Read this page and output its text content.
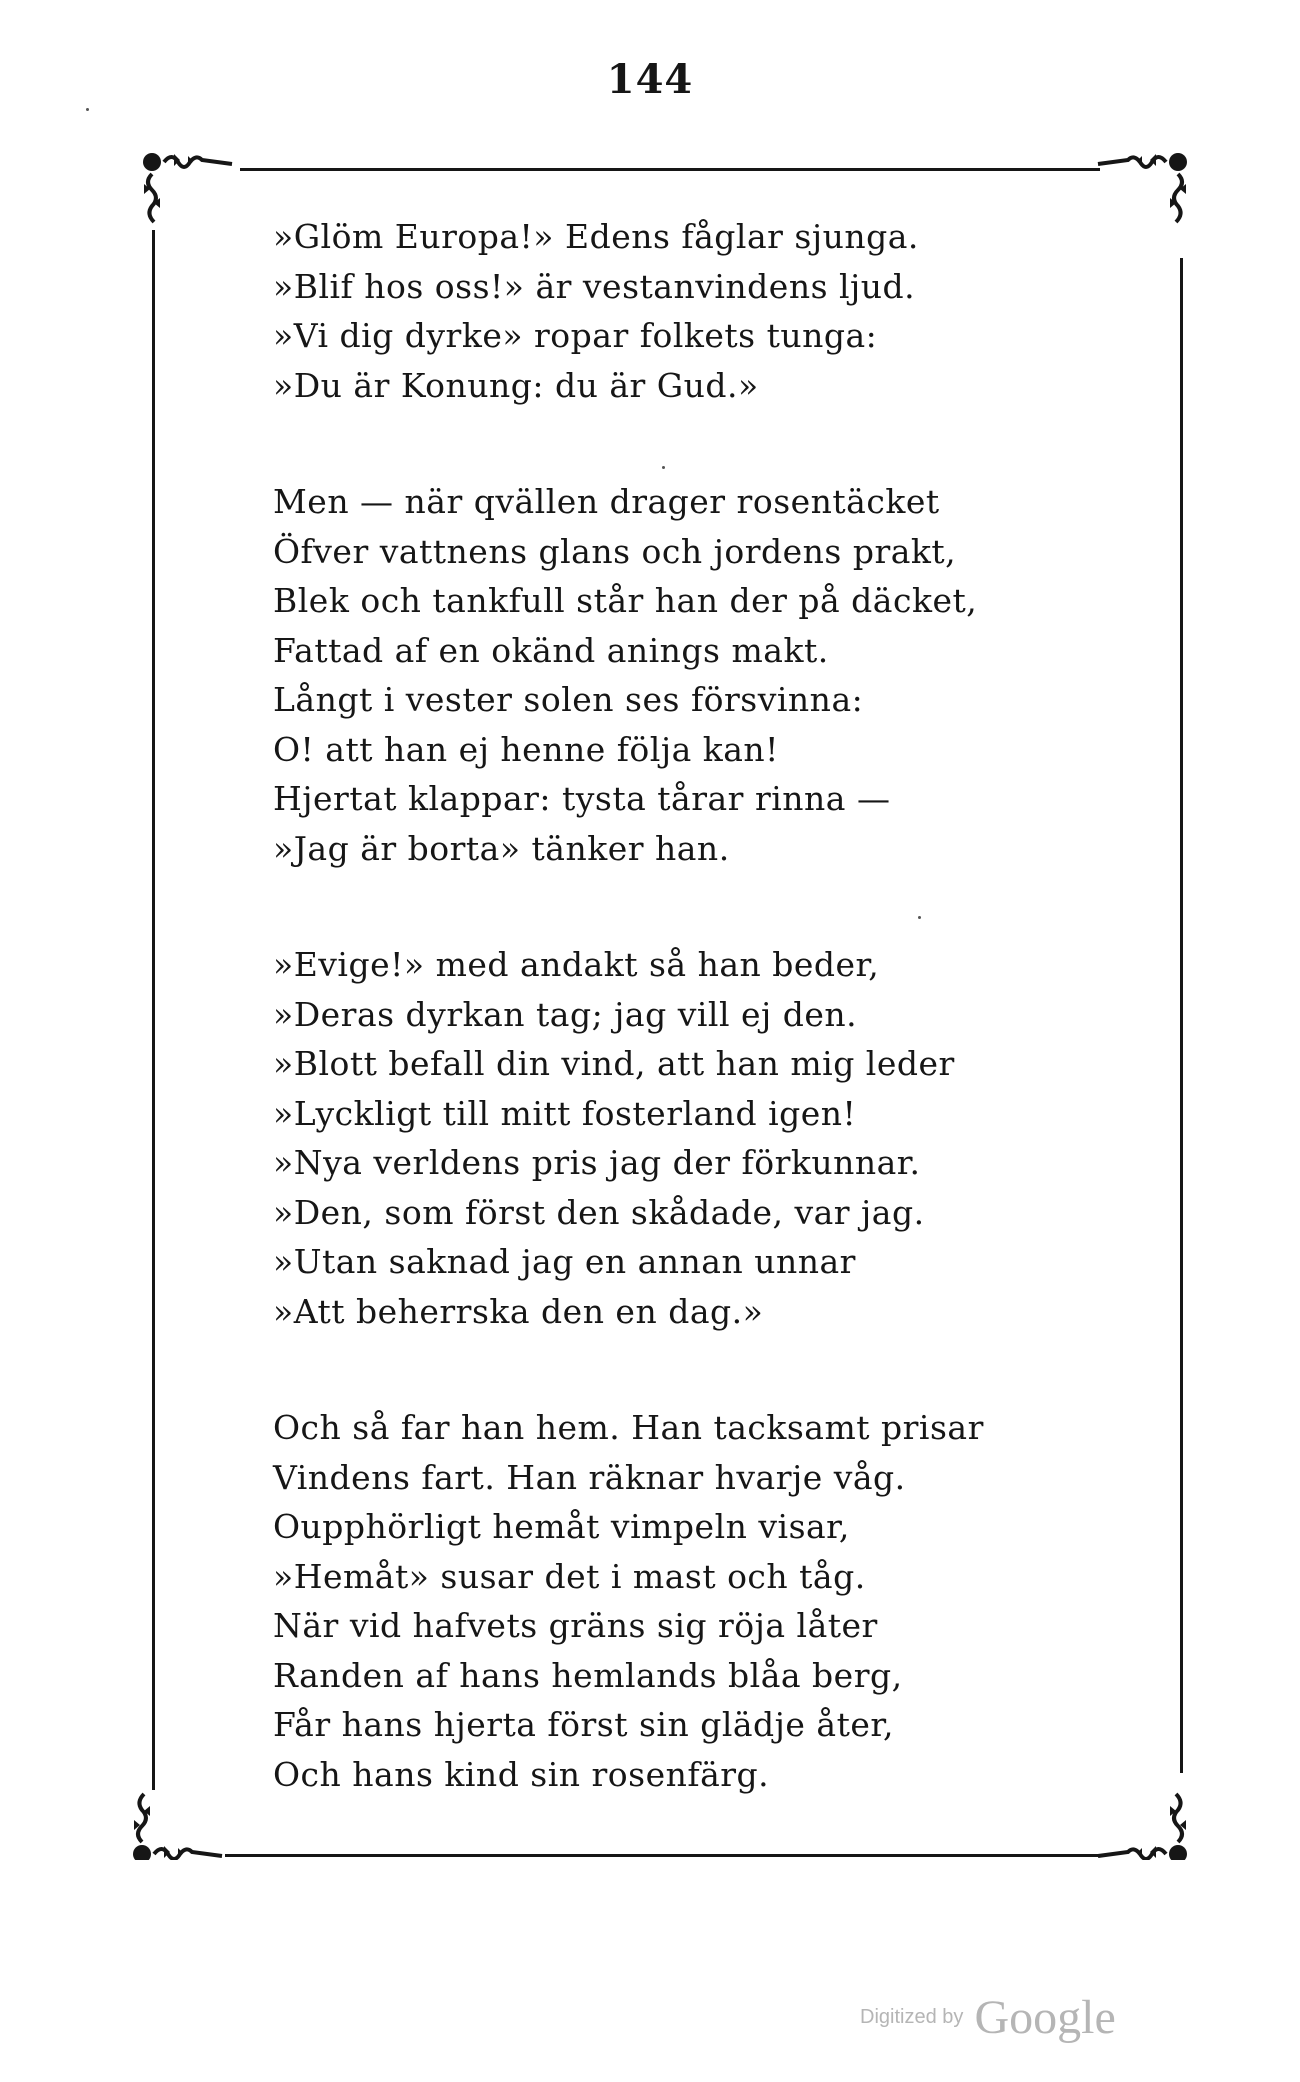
144
»Glöm Europa!» Edens fåglar sjunga.
»Blif hos oss!» är vestanvindens ljud.
»Vi dig dyrke» ropar folkets tunga:
»Du är Konung: du är Gud.»
Men — när qvällen drager rosentäcket
Öfver vattnens glans och jordens prakt,
Blek och tankfull står han der på däcket,
Fattad af en okänd anings makt.
Långt i vester solen ses försvinna:
O! att han ej henne följa kan!
Hjertat klappar: tysta tårar rinna —
»Jag är borta» tänker han.
»Evige!» med andakt så han beder,
»Deras dyrkan tag; jag vill ej den.
»Blott befall din vind, att han mig leder
»Lyckligt till mitt fosterland igen!
»Nya verldens pris jag der förkunnar.
»Den, som först den skådade, var jag.
»Utan saknad jag en annan unnar
»Att beherrska den en dag.»
Och så far han hem. Han tacksamt prisar
Vindens fart. Han räknar hvarje våg.
Oupphörligt hemåt vimpeln visar,
»Hemåt» susar det i mast och tåg.
När vid hafvets gräns sig röja låter
Randen af hans hemlands blåa berg,
Får hans hjerta först sin glädje åter,
Och hans kind sin rosenfärg.
Digitized by Google
